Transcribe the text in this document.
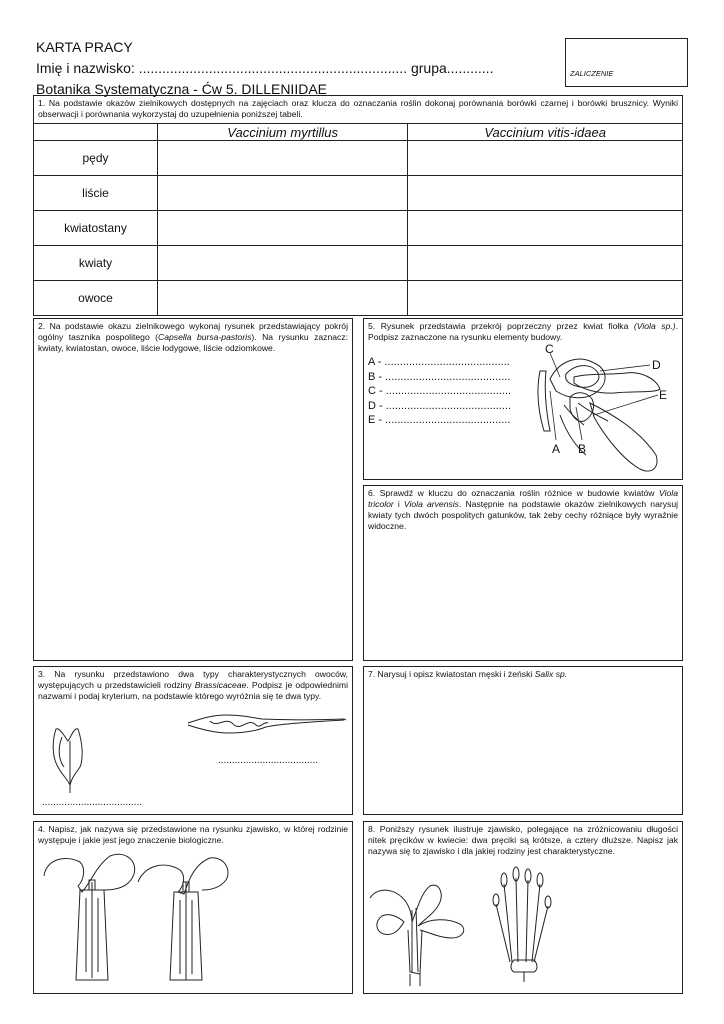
KARTA PRACY
Imię i nazwisko: ..................................................................... grupa............
Botanika Systematyczna - Ćw 5. DILLENIIDAE
ZALICZENIE
1. Na podstawie okazów zielnikowych dostępnych na zajęciach oraz klucza do oznaczania roślin dokonaj porównania borówki czarnej i borówki brusznicy. Wyniki obserwacji i porównania wykorzystaj do uzupełnienia poniższej tabeli.
	Vaccinium myrtillus	Vaccinium vitis-idaea
pędy		
liście		
kwiatostany		
kwiaty		
owoce		
2. Na podstawie okazu zielnikowego wykonaj rysunek przedstawiający pokrój ogólny tasznika pospolitego (Capsella bursa-pastoris). Na rysunku zaznacz: kwiaty, kwiatostan, owoce, liście łodygowe, liście odziomkowe.
5. Rysunek przedstawia przekrój poprzeczny przez kwiat fiołka (Viola sp.). Podpisz zaznaczone na rysunku elementy budowy.
A - .........................................
B - .........................................
C - .........................................
D - .........................................
E - .........................................
C
D
E
A B
6. Sprawdź w kluczu do oznaczania roślin różnice w budowie kwiatów Viola tricolor i Viola arvensis. Następnie na podstawie okazów zielnikowych narysuj kwiaty tych dwóch pospolitych gatunków, tak żeby cechy różniące były wyraźnie widoczne.
3. Na rysunku przedstawiono dwa typy charakterystycznych owoców, występujących u przedstawicieli rodziny Brassicaceae. Podpisz je odpowiednimi nazwami i podaj kryterium, na podstawie którego wyróżnia się te dwa typy.
....................................
....................................
7. Narysuj i opisz kwiatostan męski i żeński Salix sp.
4. Napisz, jak nazywa się przedstawione na rysunku zjawisko, w której rodzinie występuje i jakie jest jego znaczenie biologiczne.
8. Poniższy rysunek ilustruje zjawisko, polegające na zróżnicowaniu długości nitek pręcików w kwiecie: dwa pręciki są krótsze, a cztery dłuższe. Napisz jak nazywa się to zjawisko i dla jakiej rodziny jest charakterystyczne.
